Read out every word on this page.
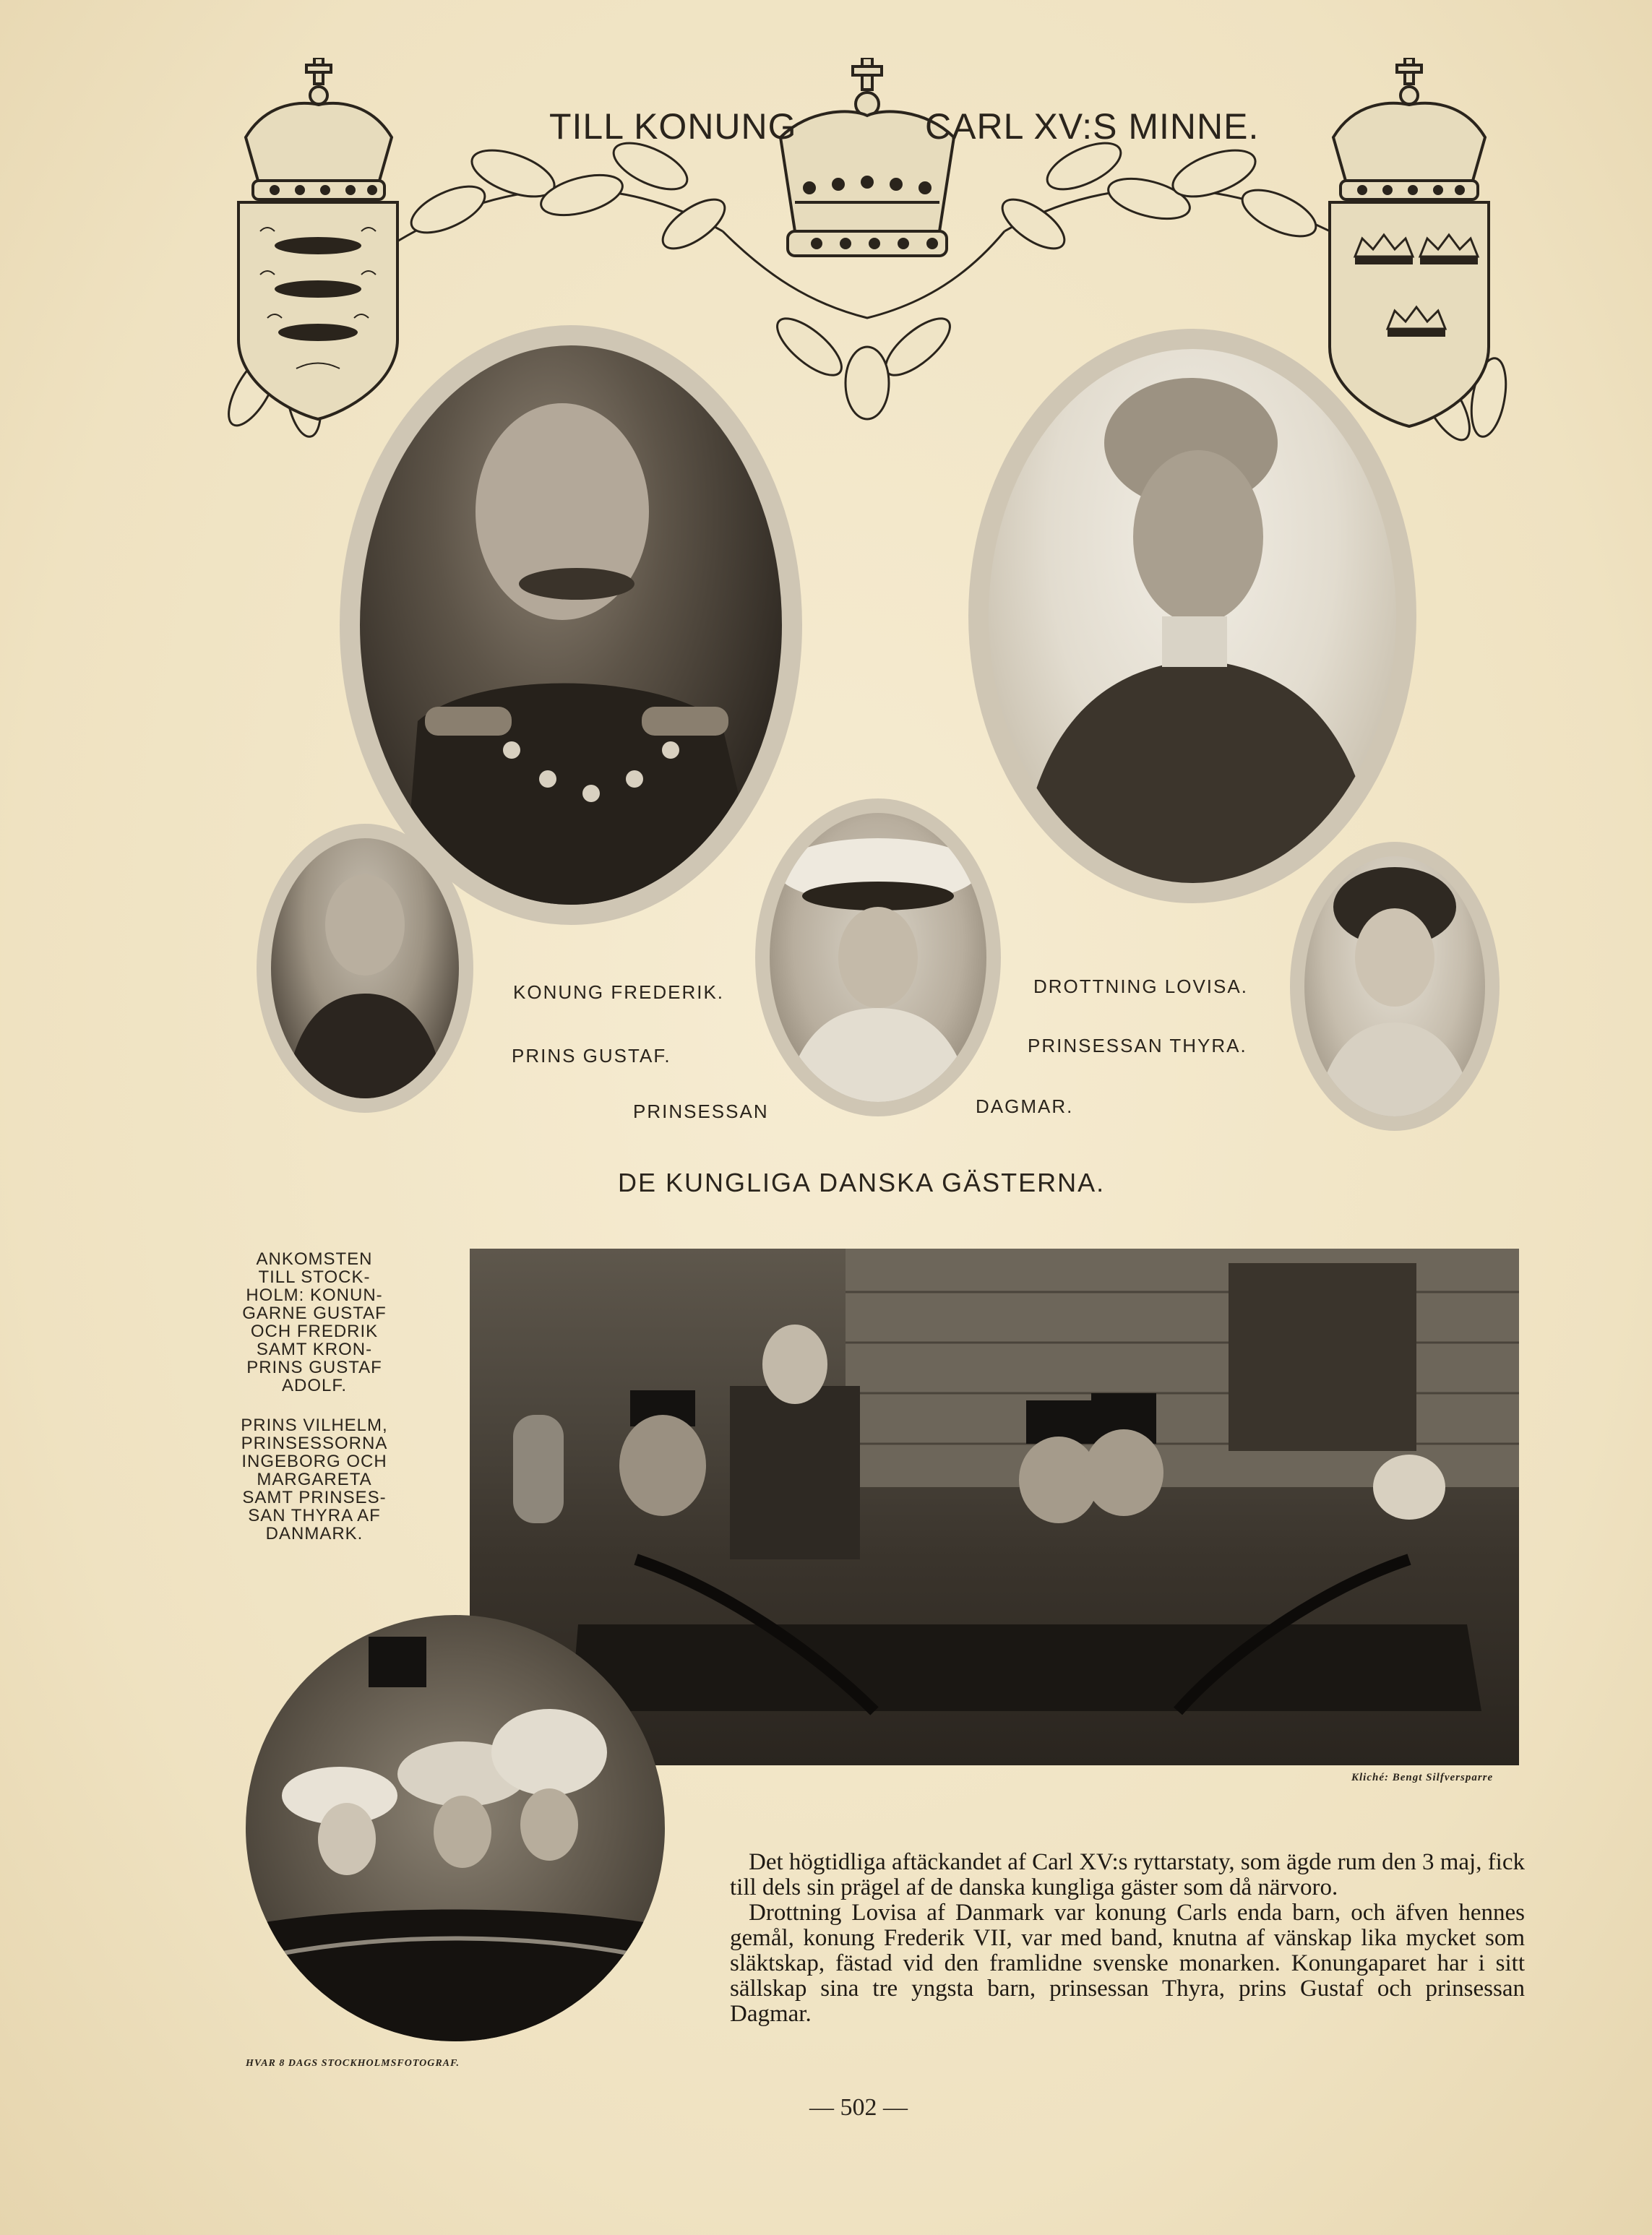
TILL KONUNG	CARL XV:S MINNE.
KONUNG FREDERIK.
PRINS GUSTAF.
PRINSESSAN	DAGMAR.
DROTTNING LOVISA.
PRINSESSAN THYRA.
DE KUNGLIGA DANSKA GÄSTERNA.
ANKOMSTEN
TILL STOCK-
HOLM: KONUN-
GARNE GUSTAF
OCH FREDRIK
SAMT KRON-
PRINS GUSTAF
ADOLF.
PRINS VILHELM,
PRINSESSORNA
INGEBORG OCH
MARGARETA
SAMT PRINSES-
SAN THYRA AF
DANMARK.
Kliché: Bengt Silfversparre
HVAR 8 DAGS STOCKHOLMSFOTOGRAF.

Det högtidliga aftäckandet af Carl XV:s ryttarstaty, som ägde rum den 3 maj, fick till dels sin prägel af de danska kungliga gäster som då närvoro.

Drottning Lovisa af Danmark var konung Carls enda barn, och äfven hennes gemål, konung Frederik VII, var med band, knutna af vänskap lika mycket som släktskap, fästad vid den framlidne svenske monarken. Konungaparet har i sitt sällskap sina tre yngsta barn, prinsessan Thyra, prins Gustaf och prinsessan Dagmar.

— 502 —
